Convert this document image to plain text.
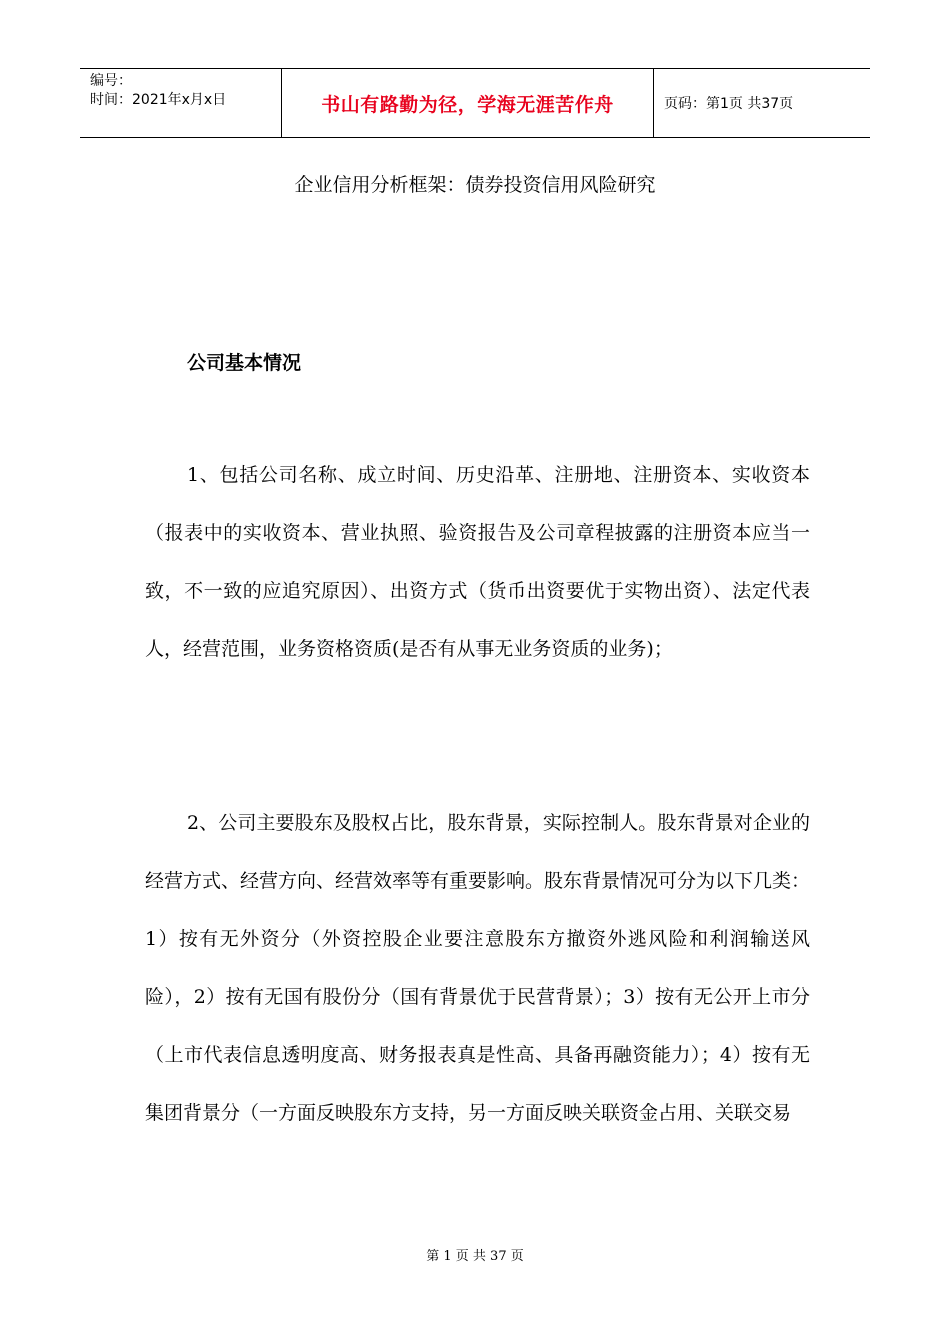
编号：
时间：2021年x月x日	书山有路勤为径，学海无涯苦作舟	页码：第1页 共37页
企业信用分析框架：债券投资信用风险研究
公司基本情况

1、包括公司名称、成立时间、历史沿革、注册地、注册资本、实收资本（报表中的实收资本、营业执照、验资报告及公司章程披露的注册资本应当一致，不一致的应追究原因）、出资方式（货币出资要优于实物出资）、法定代表人，经营范围，业务资格资质(是否有从事无业务资质的业务)；

2、公司主要股东及股权占比，股东背景，实际控制人。股东背景对企业的经营方式、经营方向、经营效率等有重要影响。股东背景情况可分为以下几类：1）按有无外资分（外资控股企业要注意股东方撤资外逃风险和利润输送风险），2）按有无国有股份分（国有背景优于民营背景）；3）按有无公开上市分（上市代表信息透明度高、财务报表真是性高、具备再融资能力）；4）按有无集团背景分（一方面反映股东方支持，另一方面反映关联资金占用、关联交易

第 1 页 共 37 页
